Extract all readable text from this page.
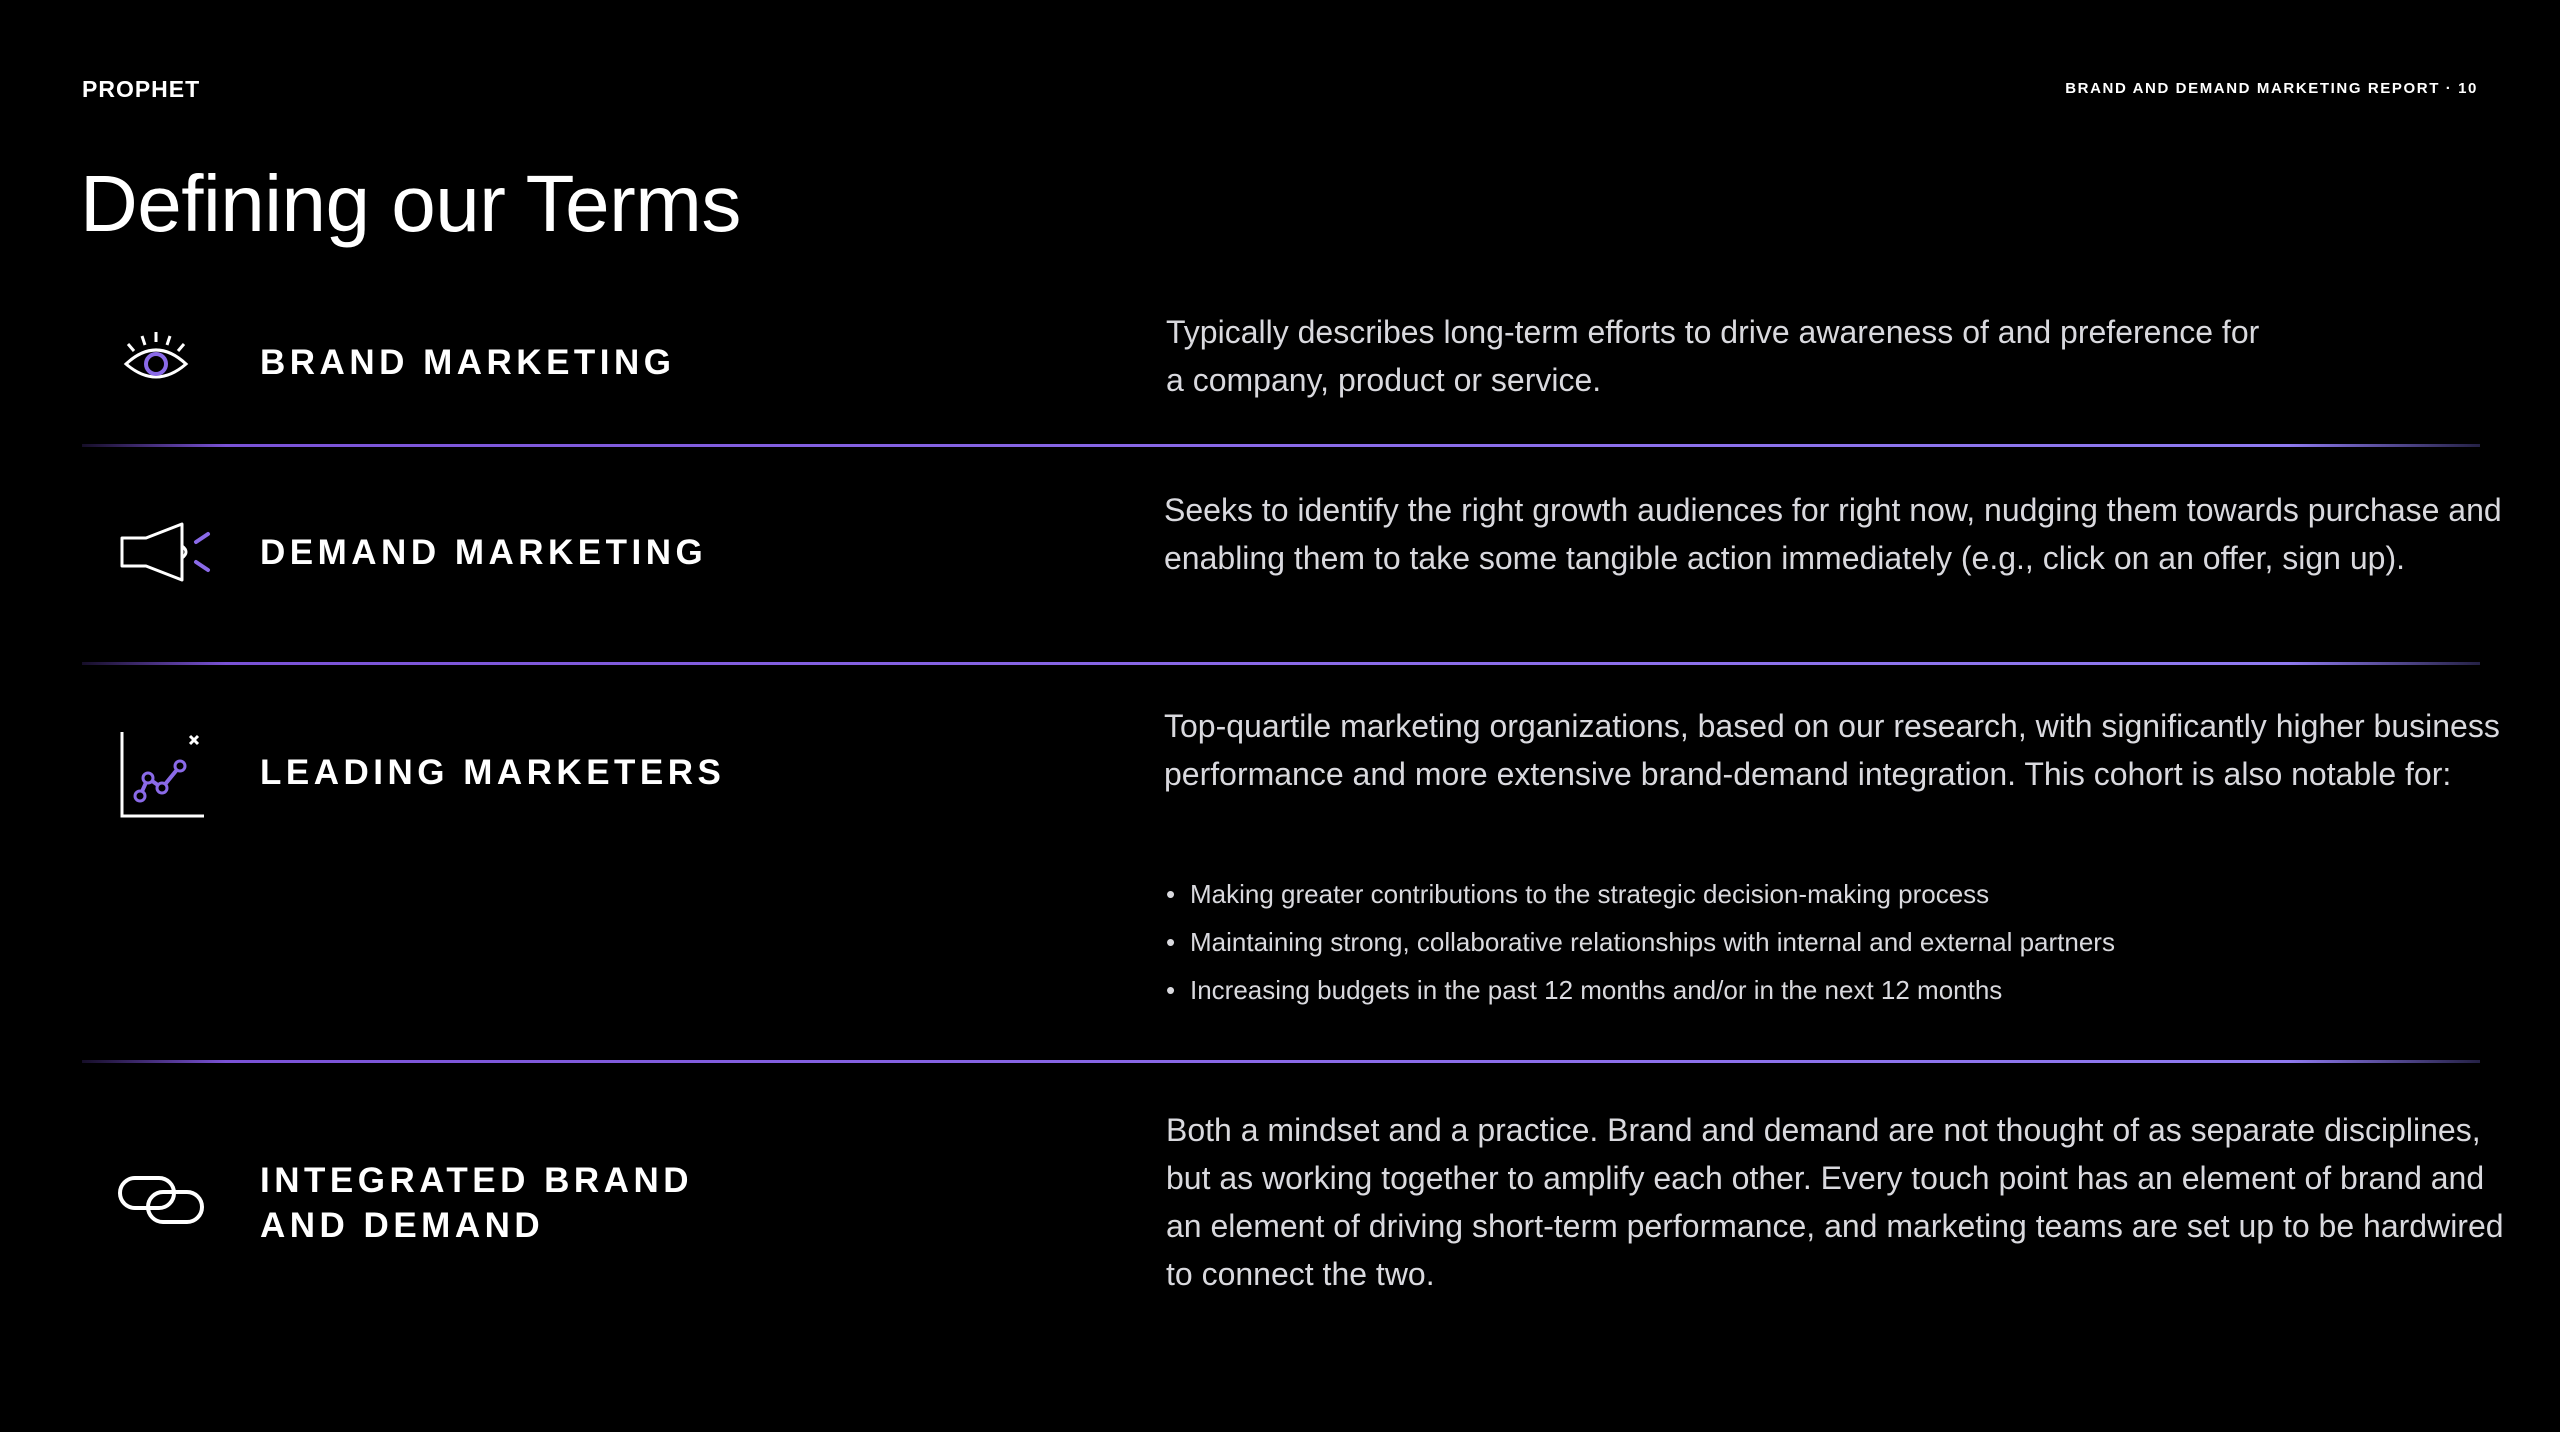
PROPHET	BRAND AND DEMAND MARKETING REPORT · 10
Defining our Terms
BRAND MARKETING

Typically describes long-term efforts to drive awareness of and preference for a company, product or service.

DEMAND MARKETING

Seeks to identify the right growth audiences for right now, nudging them towards purchase and enabling them to take some tangible action immediately (e.g., click on an offer, sign up).

LEADING MARKETERS

Top-quartile marketing organizations, based on our research, with significantly higher business performance and more extensive brand-demand integration. This cohort is also notable for:

• Making greater contributions to the strategic decision-making process
• Maintaining strong, collaborative relationships with internal and external partners
• Increasing budgets in the past 12 months and/or in the next 12 months
INTEGRATED BRAND
AND DEMAND

Both a mindset and a practice. Brand and demand are not thought of as separate disciplines, but as working together to amplify each other. Every touch point has an element of brand and an element of driving short-term performance, and marketing teams are set up to be hardwired to connect the two.
